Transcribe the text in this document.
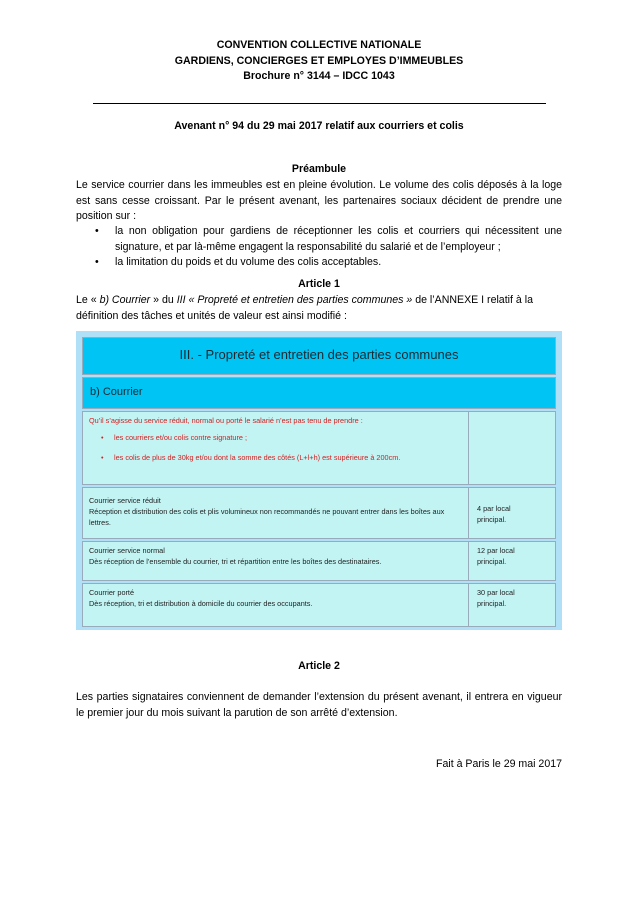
CONVENTION COLLECTIVE NATIONALE
GARDIENS, CONCIERGES ET EMPLOYES D’IMMEUBLES
Brochure n° 3144 – IDCC 1043
Avenant n° 94 du 29 mai 2017 relatif aux courriers et colis
Préambule
Le service courrier dans les immeubles est en pleine évolution. Le volume des colis déposés à la loge est sans cesse croissant. Par le présent avenant, les partenaires sociaux décident de prendre une position sur :
• la non obligation pour gardiens de réceptionner les colis et courriers qui nécessitent une signature, et par là-même engagent la responsabilité du salarié et de l’employeur ;
• la limitation du poids et du volume des colis acceptables.
Article 1
Le « b) Courrier » du III « Propreté et entretien des parties communes » de l’ANNEXE I relatif à la définition des tâches et unités de valeur est ainsi modifié :
III. - Propreté et entretien des parties communes
b) Courrier
Qu’il s’agisse du service réduit, normal ou porté le salarié n’est pas tenu de prendre :
• les courriers et/ou colis contre signature ;
• les colis de plus de 30kg et/ou dont la somme des côtés (L+l+h) est supérieure à 200cm.
Courrier service réduit
Réception et distribution des colis et plis volumineux non recommandés ne pouvant entrer dans les boîtes aux lettres.
4 par local
principal.
Courrier service normal
Dès réception de l’ensemble du courrier, tri et répartition entre les boîtes des destinataires.
12 par local
principal.
Courrier porté
Dès réception, tri et distribution à domicile du courrier des occupants.
30 par local
principal.
Article 2
Les parties signataires conviennent de demander l’extension du présent avenant, il entrera en vigueur le premier jour du mois suivant la parution de son arrêté d’extension.
Fait à Paris le 29 mai 2017
